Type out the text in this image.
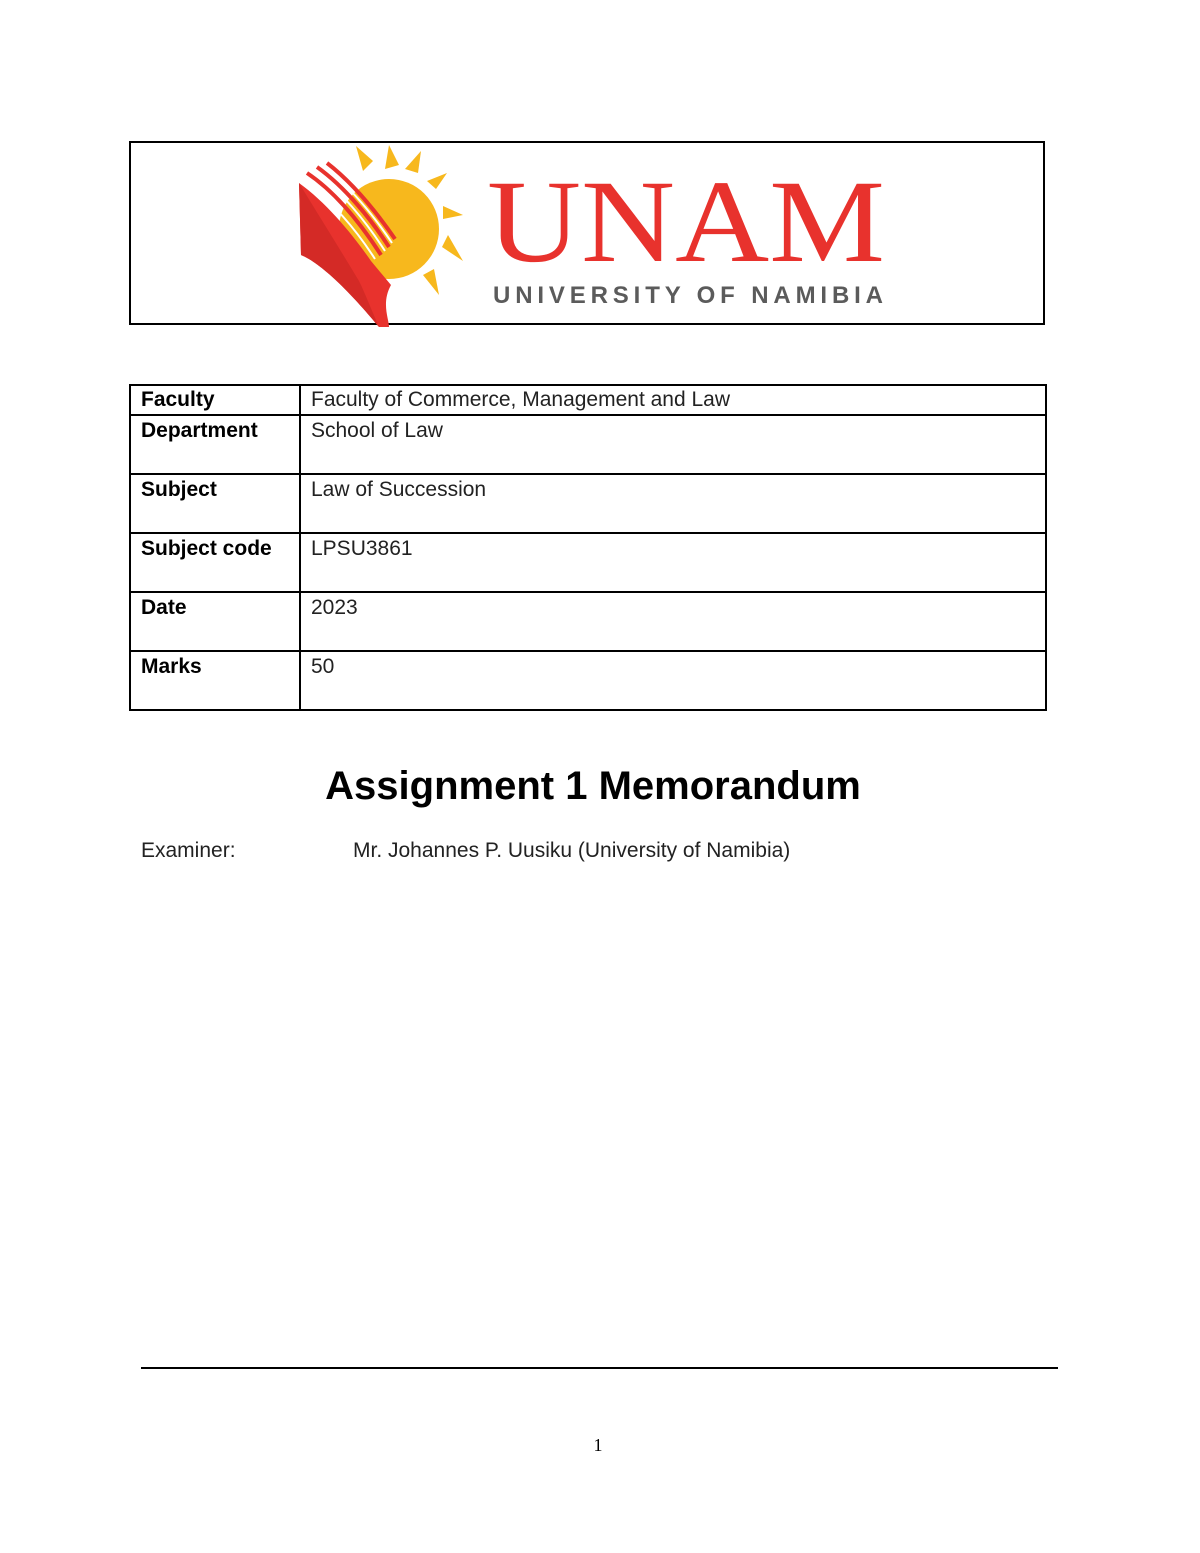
UNAM
UNIVERSITY OF NAMIBIA
Faculty	Faculty of Commerce, Management and Law
Department	School of Law
Subject	Law of Succession
Subject code	LPSU3861
Date	2023
Marks	50
Assignment 1 Memorandum
Examiner:	Mr. Johannes P. Uusiku (University of Namibia)
1
